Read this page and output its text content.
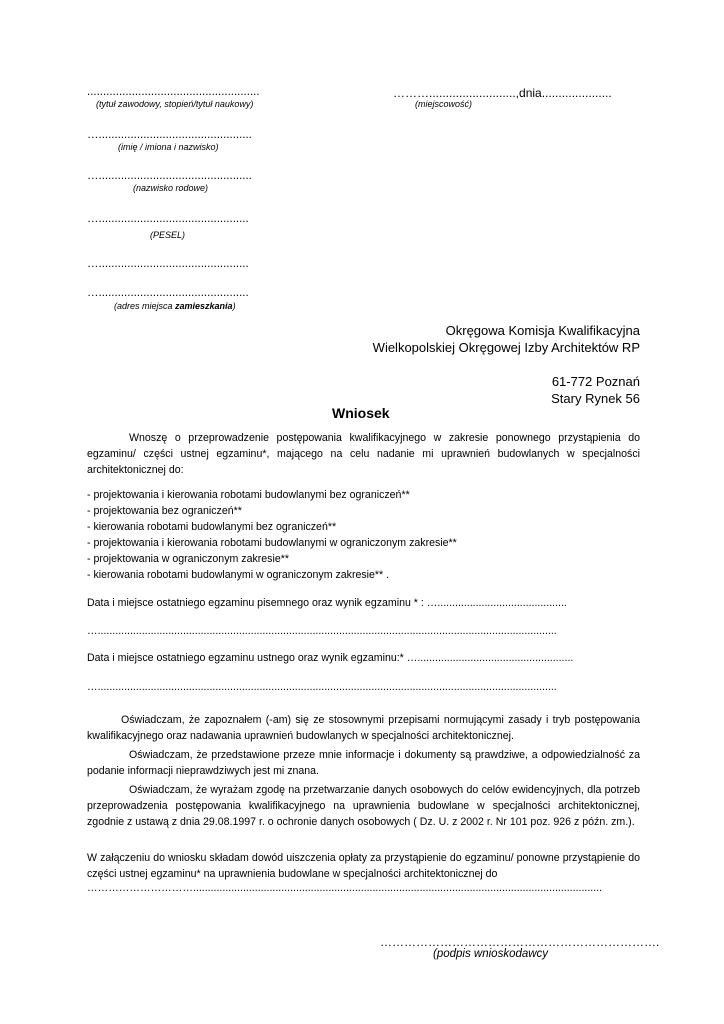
......................................................
(tytuł zawodowy, stopień/tytuł naukowy)
………..........................,dnia.....................
(miejscowość)
…................................................
(imię / imiona i nazwisko)
…................................................
(nazwisko rodowe)
…...............................................
(PESEL)
…...............................................
…...............................................
(adres miejsca zamieszkania)
Okręgowa Komisja Kwalifikacyjna
Wielkopolskiej Okręgowej Izby Architektów RP
61-772 Poznań
Stary Rynek 56
Wniosek
Wnoszę o przeprowadzenie postępowania kwalifikacyjnego w zakresie ponownego przystąpienia do egzaminu/ części ustnej egzaminu*, mającego na celu nadanie mi uprawnień budowlanych w specjalności architektonicznej do:
- projektowania i kierowania robotami budowlanymi bez ograniczeń**
- projektowania bez ograniczeń**
- kierowania robotami budowlanymi bez ograniczeń**
- projektowania i kierowania robotami budowlanymi w ograniczonym zakresie**
- projektowania w ograniczonym zakresie**
- kierowania robotami budowlanymi w ograniczonym zakresie** .
Data i miejsce ostatniego egzaminu pisemnego oraz wynik egzaminu * : …............................................
…............................................................................................................................................................
Data i miejsce ostatniego egzaminu ustnego oraz wynik egzaminu:* ….....................................................
…............................................................................................................................................................
Oświadczam, że zapoznałem (-am) się ze stosownymi przepisami normującymi zasady i tryb postępowania kwalifikacyjnego oraz nadawania uprawnień budowlanych w specjalności architektonicznej.
Oświadczam, że przedstawione przeze mnie informacje i dokumenty są prawdziwe, a odpowiedzialność za podanie informacji nieprawdziwych jest mi znana.
Oświadczam, że wyrażam zgodę na przetwarzanie danych osobowych do celów ewidencyjnych, dla potrzeb przeprowadzenia postępowania kwalifikacyjnego na uprawnienia budowlane w specjalności architektonicznej, zgodnie z ustawą z dnia 29.08.1997 r. o ochronie danych osobowych ( Dz. U. z 2002 r. Nr 101 poz. 926 z późn. zm.).
W załączeniu do wniosku składam dowód uiszczenia opłaty za przystąpienie do egzaminu/ ponowne przystąpienie do części ustnej egzaminu* na uprawnienia budowlane w specjalności architektonicznej do
…………………………...........................................................................................................................................
…………………………………………………………….
(podpis wnioskodawcy
